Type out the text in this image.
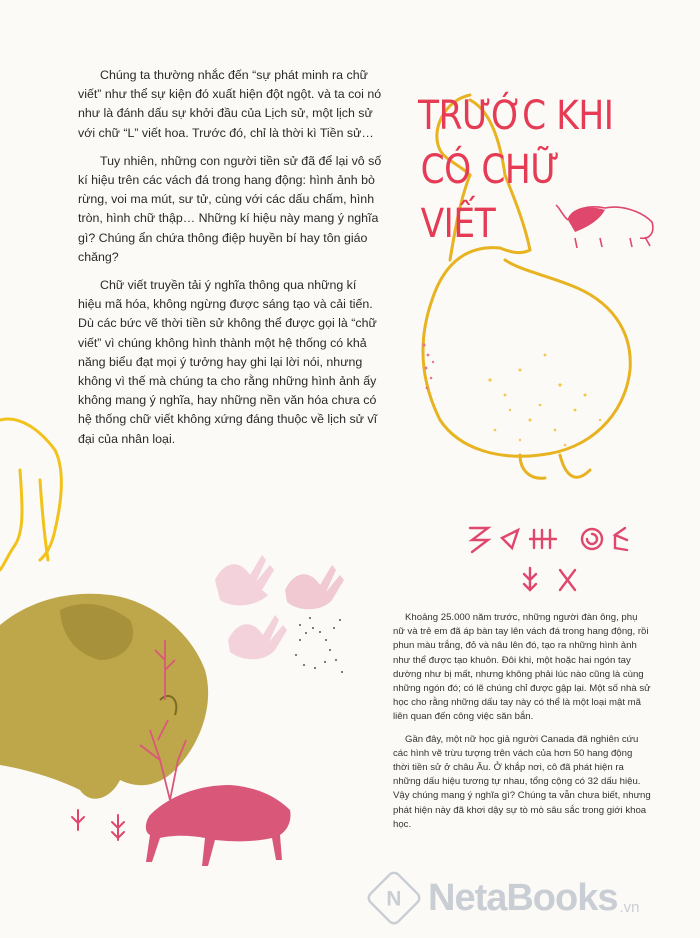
Chúng ta thường nhắc đến “sự phát minh ra chữ viết” như thể sự kiện đó xuất hiện đột ngột. và ta coi nó như là đánh dấu sự khởi đầu của Lịch sử, một lịch sử với chữ “L” viết hoa. Trước đó, chỉ là thời kì Tiền sử…

Tuy nhiên, những con người tiền sử đã để lại vô số kí hiệu trên các vách đá trong hang động: hình ảnh bò rừng, voi ma mút, sư tử, cùng với các dấu chấm, hình tròn, hình chữ thập… Những kí hiệu này mang ý nghĩa gì? Chúng ẩn chứa thông điệp huyền bí hay tôn giáo chăng?

Chữ viết truyền tải ý nghĩa thông qua những kí hiệu mã hóa, không ngừng được sáng tạo và cải tiến. Dù các bức vẽ thời tiền sử không thể được gọi là “chữ viết” vì chúng không hình thành một hệ thống có khả năng biểu đạt mọi ý tưởng hay ghi lại lời nói, nhưng không vì thế mà chúng ta cho rằng những hình ảnh ấy không mang ý nghĩa, hay những nền văn hóa chưa có hệ thống chữ viết không xứng đáng thuộc về lịch sử vĩ đại của nhân loại.

TRƯỚC KHI
CÓ CHỮ VIẾT

Khoảng 25.000 năm trước, những người đàn ông, phụ nữ và trẻ em đã áp bàn tay lên vách đá trong hang động, rồi phun màu trắng, đỏ và nâu lên đó, tạo ra những hình ảnh như thể được tạo khuôn. Đôi khi, một hoặc hai ngón tay dường như bị mất, nhưng không phải lúc nào cũng là cùng những ngón đó; có lẽ chúng chỉ được gập lại. Một số nhà sử học cho rằng những dấu tay này có thể là một loại mật mã liên quan đến công việc săn bắn.

Gần đây, một nữ học giả người Canada đã nghiên cứu các hình vẽ trừu tượng trên vách của hơn 50 hang động thời tiền sử ở châu Âu. Ở khắp nơi, cô đã phát hiện ra những dấu hiệu tương tự nhau, tổng cộng có 32 dấu hiệu. Vậy chúng mang ý nghĩa gì? Chúng ta vẫn chưa biết, nhưng phát hiện này đã khơi dậy sự tò mò sâu sắc trong giới khoa học.

N NetaBooks .vn
